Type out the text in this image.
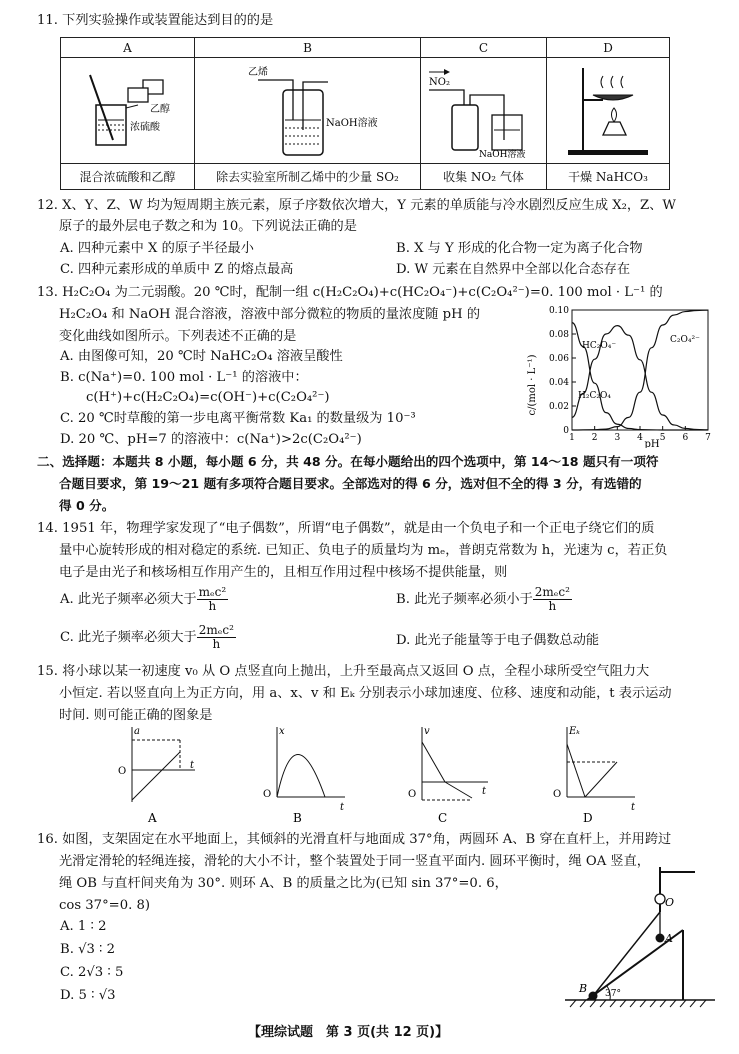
11. 下列实验操作或装置能达到目的的是
A	B	C	D

乙醇
浓硫酸	乙烯
NaOH溶液	NO₂
NaOH溶液

混合浓硫酸和乙醇	除去实验室所制乙烯中的少量 SO₂	收集 NO₂ 气体	干燥 NaHCO₃
12. X、Y、Z、W 均为短周期主族元素，原子序数依次增大，Y 元素的单质能与冷水剧烈反应生成 X₂，Z、W
原子的最外层电子数之和为 10。下列说法正确的是
A. 四种元素中 X 的原子半径最小	B. X 与 Y 形成的化合物一定为离子化合物
C. 四种元素形成的单质中 Z 的熔点最高	D. W 元素在自然界中全部以化合态存在
13. H₂C₂O₄ 为二元弱酸。20 ℃时，配制一组 c(H₂C₂O₄)+c(HC₂O₄⁻)+c(C₂O₄²⁻)=0. 100 mol · L⁻¹ 的
H₂C₂O₄ 和 NaOH 混合溶液，溶液中部分微粒的物质的量浓度随 pH 的
变化曲线如图所示。下列表述不正确的是
A. 由图像可知，20 ℃时 NaHC₂O₄ 溶液呈酸性
B. c(Na⁺)=0. 100 mol · L⁻¹ 的溶液中：
c(H⁺)+c(H₂C₂O₄)=c(OH⁻)+c(C₂O₄²⁻)
C. 20 ℃时草酸的第一步电离平衡常数 Ka₁ 的数量级为 10⁻³
D. 20 ℃、pH=7 的溶液中：c(Na⁺)>2c(C₂O₄²⁻)
0
0.02
0.04
0.06
0.08
0.10
1 2 3 4 5 6 7
c/(mol · L⁻¹)
pH
HC₂O₄⁻
C₂O₄²⁻
H₂C₂O₄
二、选择题：本题共 8 小题，每小题 6 分，共 48 分。在每小题给出的四个选项中，第 14～18 题只有一项符
合题目要求，第 19～21 题有多项符合题目要求。全部选对的得 6 分，选对但不全的得 3 分，有选错的
得 0 分。
14. 1951 年，物理学家发现了“电子偶数”，所谓“电子偶数”，就是由一个负电子和一个正电子绕它们的质
量中心旋转形成的相对稳定的系统. 已知正、负电子的质量均为 mₑ，普朗克常数为 h，光速为 c，若正负
电子是由光子和核场相互作用产生的，且相互作用过程中核场不提供能量，则
A. 此光子频率必须大于 $\frac{\text{mₑc²}}{h}$	B. 此光子频率必须小于 $\frac{\text{2mₑc²}}{h}$
C. 此光子频率必须大于 $\frac{\text{2mₑc²}}{h}$	D. 此光子能量等于电子偶数总动能
15. 将小球以某一初速度 v₀ 从 O 点竖直向上抛出，上升至最高点又返回 O 点，全程小球所受空气阻力大
小恒定. 若以竖直向上为正方向，用 a、x、v 和 Eₖ 分别表示小球加速度、位移、速度和动能，t 表示运动
时间. 则可能正确的图象是
a
O
t
A
x
O
t
B
v
O	t
C
Eₖ
O
t
D
16. 如图，支架固定在水平地面上，其倾斜的光滑直杆与地面成 37°角，两圆环 A、B 穿在直杆上，并用跨过
光滑定滑轮的轻绳连接，滑轮的大小不计，整个装置处于同一竖直平面内. 圆环平衡时，绳 OA 竖直，
绳 OB 与直杆间夹角为 30°. 则环 A、B 的质量之比为(已知 sin 37°=0. 6，
cos 37°=0. 8)
A. 1 ∶ 2
B. √3 ∶ 2
C. 2√3 ∶ 5
D. 5 ∶ √3
O
A
B 37°
【理综试题　第 3 页(共 12 页)】
